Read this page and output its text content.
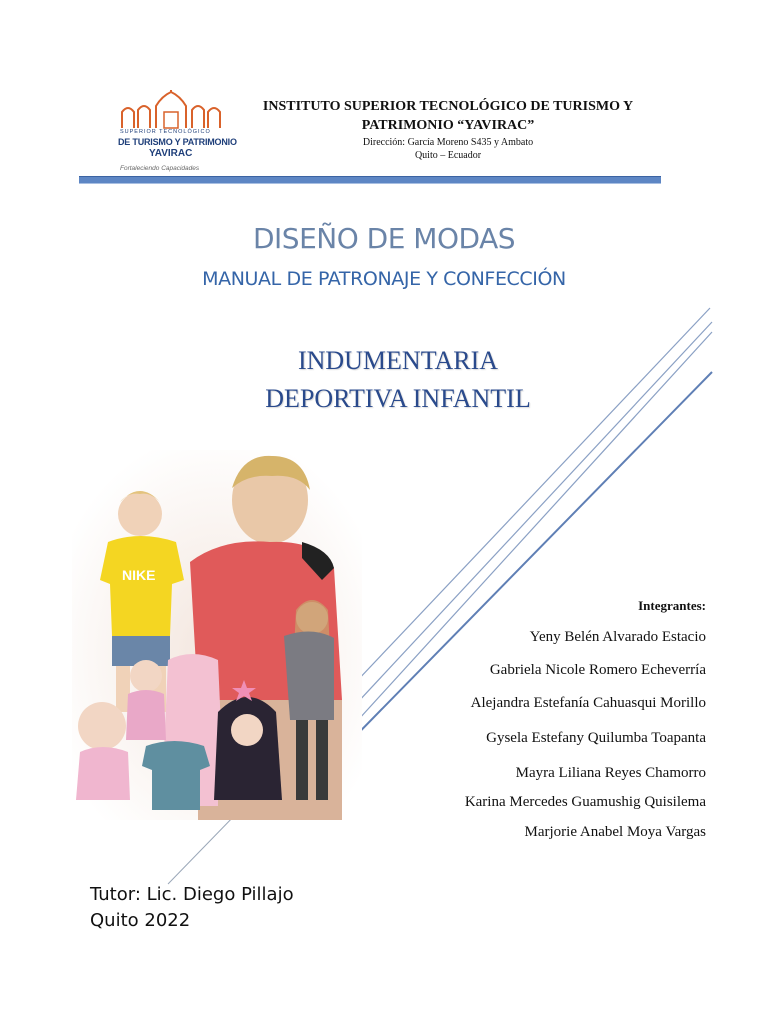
SUPERIOR TECNOLÓGICO
DE TURISMO Y PATRIMONIO
YAVIRAC
Fortaleciendo Capacidades
INSTITUTO SUPERIOR TECNOLÓGICO DE TURISMO Y
PATRIMONIO “YAVIRAC”
Dirección: García Moreno S435 y Ambato
Quito – Ecuador
DISEÑO DE MODAS
MANUAL DE PATRONAJE Y CONFECCIÓN
INDUMENTARIA
DEPORTIVA INFANTIL
NIKE
Integrantes:
Yeny Belén Alvarado Estacio
Gabriela Nicole Romero Echeverría
Alejandra Estefanía Cahuasqui Morillo
Gysela Estefany Quilumba Toapanta
Mayra Liliana Reyes Chamorro
Karina Mercedes Guamushig Quisilema
Marjorie Anabel Moya Vargas
Tutor: Lic. Diego Pillajo
Quito 2022
